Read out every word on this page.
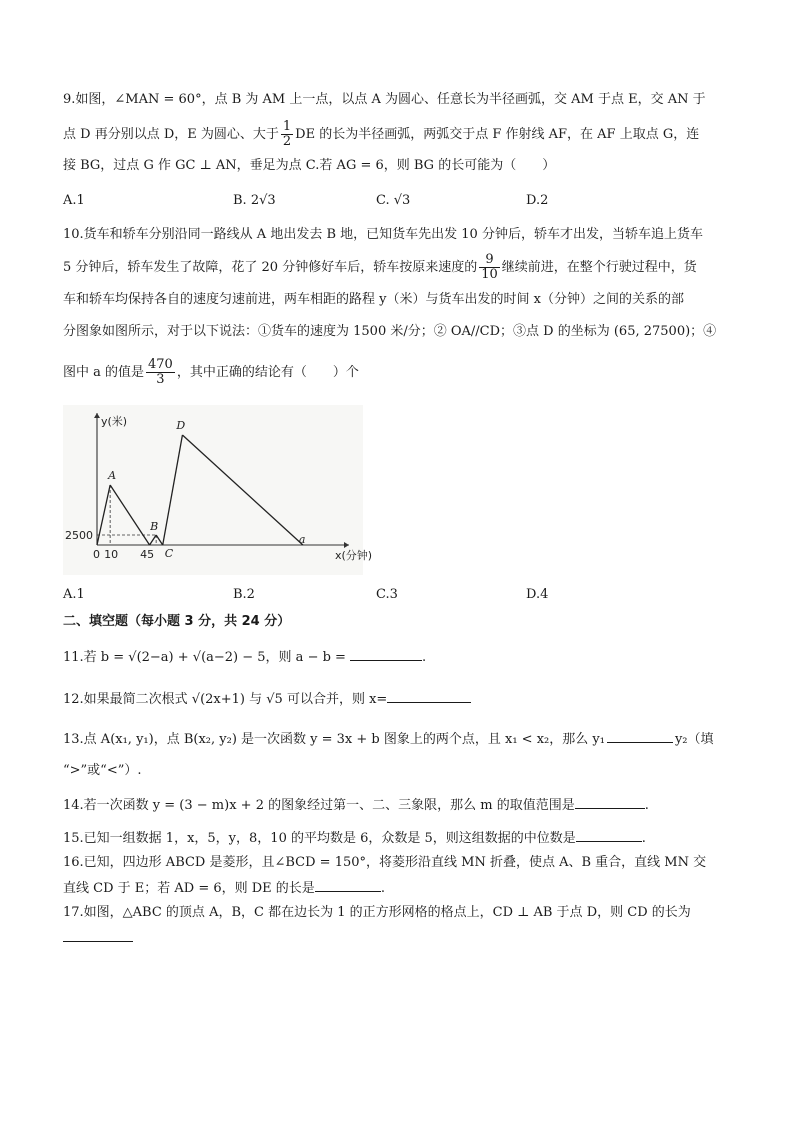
9.如图，∠MAN = 60°，点 B 为 AM 上一点，以点 A 为圆心、任意长为半径画弧，交 AM 于点 E，交 AN 于
点 D 再分别以点 D，E 为圆心、大于 $\frac{1}{2}$ DE 的长为半径画弧，两弧交于点 F 作射线 AF，在 AF 上取点 G，连
接 BG，过点 G 作 GC ⊥ AN，垂足为点 C.若 AG = 6，则 BG 的长可能为（　　）
A.1	B. 2√3	C. √3	D.2
10.货车和轿车分别沿同一路线从 A 地出发去 B 地，已知货车先出发 10 分钟后，轿车才出发，当轿车追上货车
5 分钟后，轿车发生了故障，花了 20 分钟修好车后，轿车按原来速度的 $\frac{9}{10}$ 继续前进，在整个行驶过程中，货
车和轿车均保持各自的速度匀速前进，两车相距的路程 y（米）与货车出发的时间 x（分钟）之间的关系的部
分图象如图所示，对于以下说法：①货车的速度为 1500 米/分；② OA//CD；③点 D 的坐标为 (65, 27500)；④
图中 a 的值是 $\frac{470}{3}$ ，其中正确的结论有（　　）个
A
B
C
D
2500
0 10 45
a
y(米)
x(分钟)
A.1	B.2	C.3	D.4
二、填空题（每小题 3 分，共 24 分）
11.若 b = √(2−a) + √(a−2) − 5，则 a − b =	.
12.如果最简二次根式 √(2x+1) 与 √5 可以合并，则 x=
13.点 A(x₁, y₁)，点 B(x₂, y₂) 是一次函数 y = 3x + b 图象上的两个点，且 x₁ < x₂，那么 y₁	y₂（填
“>”或“<”）.
14.若一次函数 y = (3 − m)x + 2 的图象经过第一、二、三象限，那么 m 的取值范围是	.
15.已知一组数据 1，x，5，y，8，10 的平均数是 6，众数是 5，则这组数据的中位数是	.
16.已知，四边形 ABCD 是菱形，且∠BCD = 150°，将菱形沿直线 MN 折叠，使点 A、B 重合，直线 MN 交
直线 CD 于 E；若 AD = 6，则 DE 的长是	.
17.如图，△ABC 的顶点 A，B，C 都在边长为 1 的正方形网格的格点上，CD ⊥ AB 于点 D，则 CD 的长为
